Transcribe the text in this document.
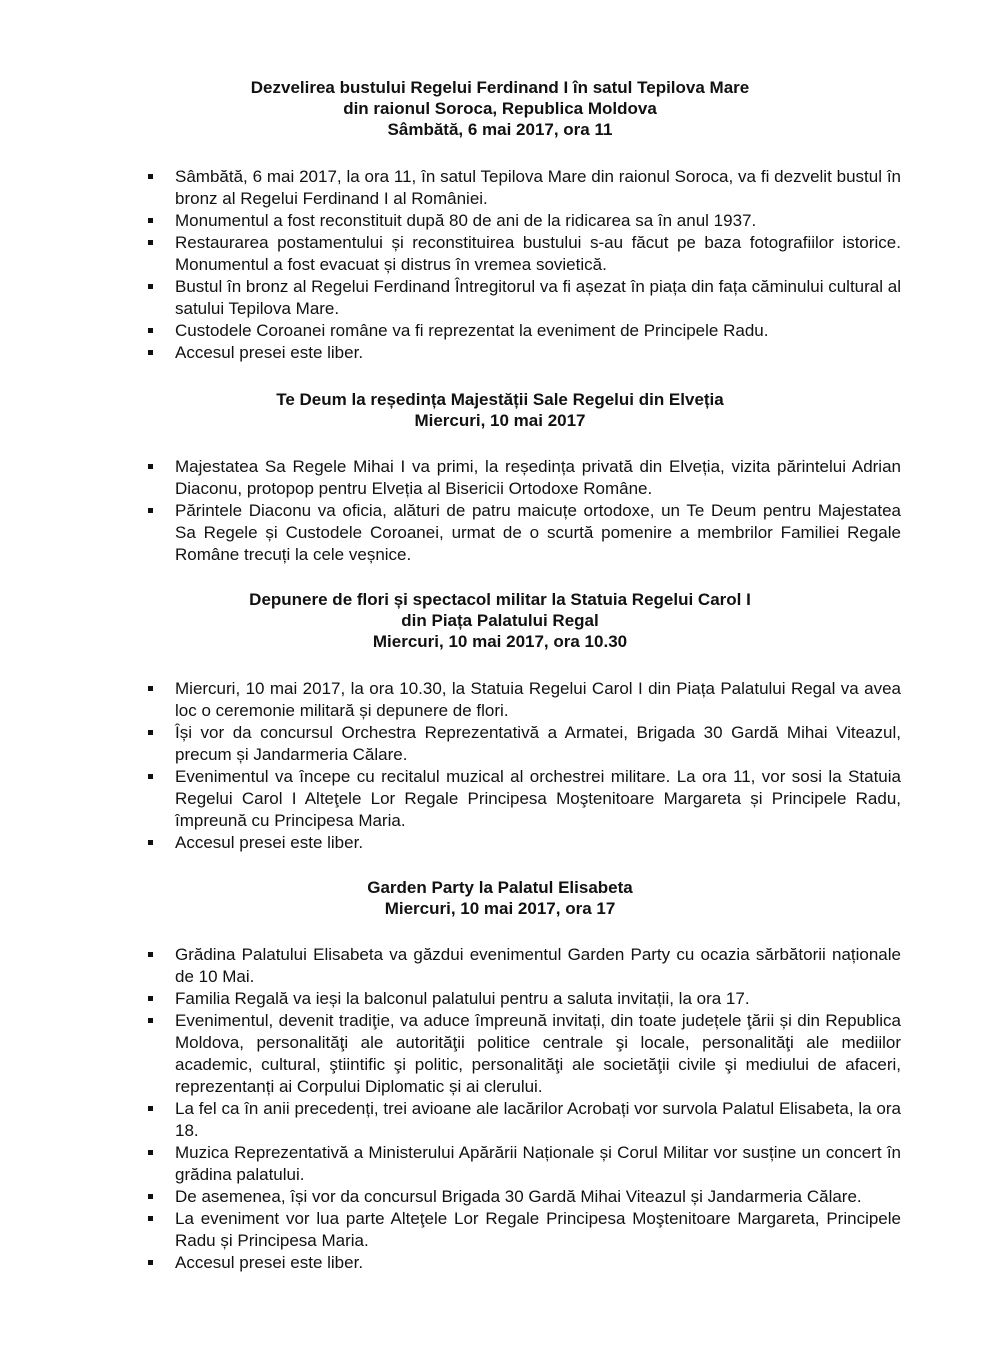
Dezvelirea bustului Regelui Ferdinand I în satul Tepilova Mare
din raionul Soroca, Republica Moldova
Sâmbătă, 6 mai 2017, ora 11
Sâmbătă, 6 mai 2017, la ora 11, în satul Tepilova Mare din raionul Soroca, va fi dezvelit bustul în bronz al Regelui Ferdinand I al României.
Monumentul a fost reconstituit după 80 de ani de la ridicarea sa în anul 1937.
Restaurarea postamentului și reconstituirea bustului s-au făcut pe baza fotografiilor istorice. Monumentul a fost evacuat și distrus în vremea sovietică.
Bustul în bronz al Regelui Ferdinand Întregitorul va fi așezat în piața din fața căminului cultural al satului Tepilova Mare.
Custodele Coroanei române va fi reprezentat la eveniment de Principele Radu.
Accesul presei este liber.
Te Deum la reședința Majestății Sale Regelui din Elveția
Miercuri, 10 mai 2017
Majestatea Sa Regele Mihai I va primi, la reședința privată din Elveția, vizita părintelui Adrian Diaconu, protopop pentru Elveția al Bisericii Ortodoxe Române.
Părintele Diaconu va oficia, alături de patru maicuțe ortodoxe, un Te Deum pentru Majestatea Sa Regele și Custodele Coroanei, urmat de o scurtă pomenire a membrilor Familiei Regale Române trecuți la cele veșnice.
Depunere de flori și spectacol militar la Statuia Regelui Carol I
din Piața Palatului Regal
Miercuri, 10 mai 2017, ora 10.30
Miercuri, 10 mai 2017, la ora 10.30, la Statuia Regelui Carol I din Piața Palatului Regal va avea loc o ceremonie militară și depunere de flori.
Își vor da concursul Orchestra Reprezentativă a Armatei, Brigada 30 Gardă Mihai Viteazul, precum și Jandarmeria Călare.
Evenimentul va începe cu recitalul muzical al orchestrei militare. La ora 11, vor sosi la Statuia Regelui Carol I Alteţele Lor Regale Principesa Moştenitoare Margareta și Principele Radu, împreună cu Principesa Maria.
Accesul presei este liber.
Garden Party la Palatul Elisabeta
Miercuri, 10 mai 2017, ora 17
Grădina Palatului Elisabeta va găzdui evenimentul Garden Party cu ocazia sărbătorii naționale de 10 Mai.
Familia Regală va ieși la balconul palatului pentru a saluta invitații, la ora 17.
Evenimentul, devenit tradiţie, va aduce împreună invitați, din toate județele ţării și din Republica Moldova, personalităţi ale autorităţii politice centrale şi locale, personalităţi ale mediilor academic, cultural, ştiintific şi politic, personalităţi ale societăţii civile şi mediului de afaceri, reprezentanți ai Corpului Diplomatic și ai clerului.
La fel ca în anii precedenți, trei avioane ale lacărilor Acrobați vor survola Palatul Elisabeta, la ora 18.
Muzica Reprezentativă a Ministerului Apărării Naționale și Corul Militar vor susține un concert în grădina palatului.
De asemenea, își vor da concursul Brigada 30 Gardă Mihai Viteazul și Jandarmeria Călare.
La eveniment vor lua parte Alteţele Lor Regale Principesa Moştenitoare Margareta, Principele Radu și Principesa Maria.
Accesul presei este liber.
